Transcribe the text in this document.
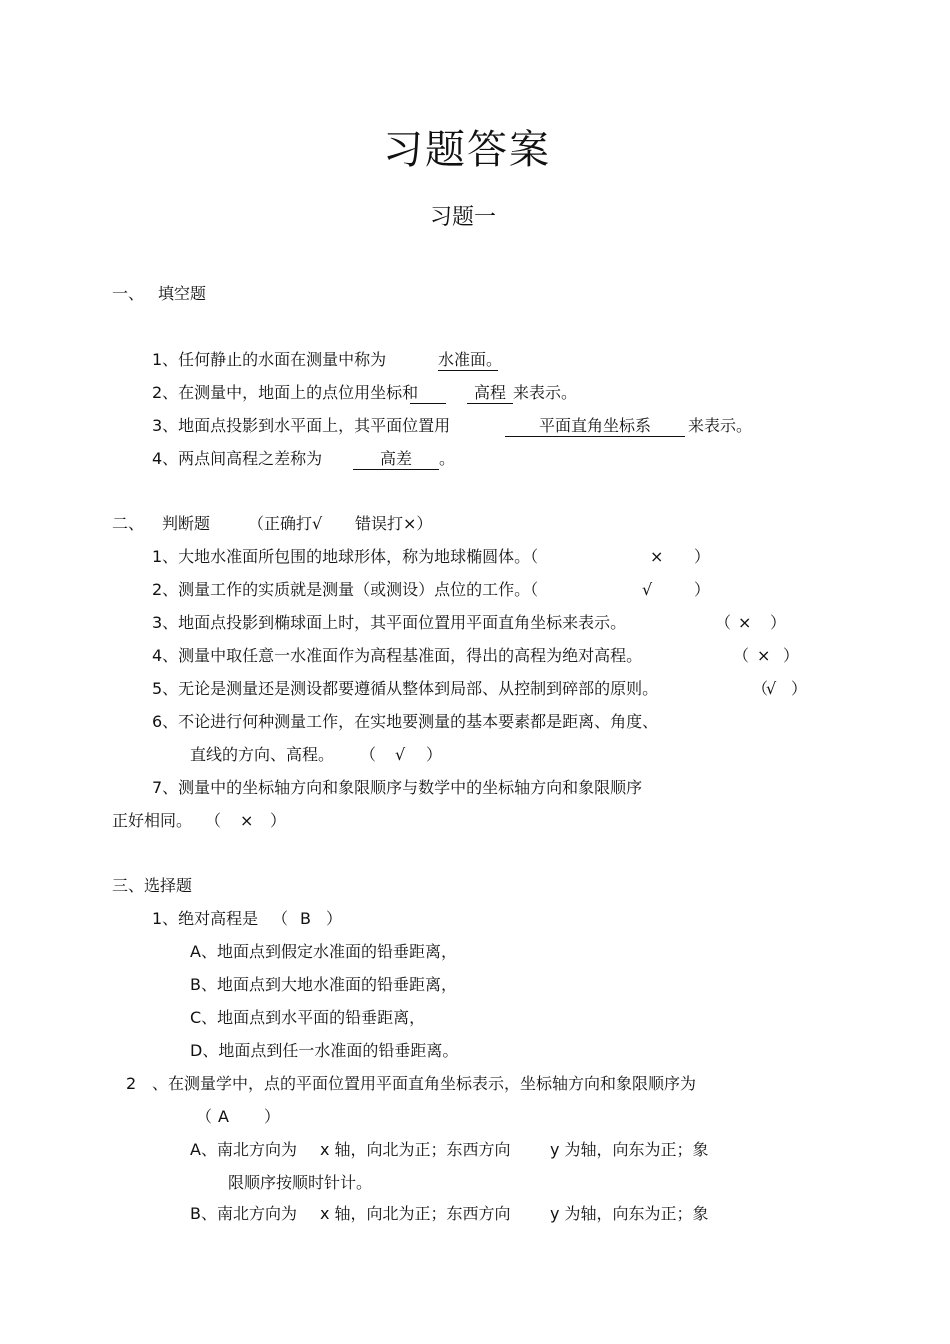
习题答案
习题一
一、 填空题
1、任何静止的水面在测量中称为	水准面。
2、在测量中，地面上的点位用坐标和	高程 来表示。
3、地面点投影到水平面上，其平面位置用	平面直角坐标系	来表示。
4、两点间高程之差称为	高差	。
二、 判断题 （正确打√ 错误打×）
1、大地水准面所包围的地球形体，称为地球椭圆体。（	× ）
2、测量工作的实质就是测量（或测设）点位的工作。（	√	）
3、地面点投影到椭球面上时，其平面位置用平面直角坐标来表示。	（ × ）
4、测量中取任意一水准面作为高程基准面，得出的高程为绝对高程。	（ × ）
5、无论是测量还是测设都要遵循从整体到局部、从控制到碎部的原则。	（
√ ）
6、不论进行何种测量工作，在实地要测量的基本要素都是距离、角度、
直线的方向、高程。 （ √ ）
7、测量中的坐标轴方向和象限顺序与数学中的坐标轴方向和象限顺序
正好相同。 （ × ）
三、选择题
1、绝对高程是 （ B ）
A、地面点到假定水准面的铅垂距离，
B、地面点到大地水准面的铅垂距离，
C、地面点到水平面的铅垂距离，
D、地面点到任一水准面的铅垂距离。
2 、在测量学中，点的平面位置用平面直角坐标表示，坐标轴方向和象限顺序为
（ A ）
A、南北方向为 x 轴，向北为正；东西方向 y 为轴，向东为正；象
限顺序按顺时针计。
B、南北方向为 x 轴，向北为正；东西方向 y 为轴，向东为正；象
